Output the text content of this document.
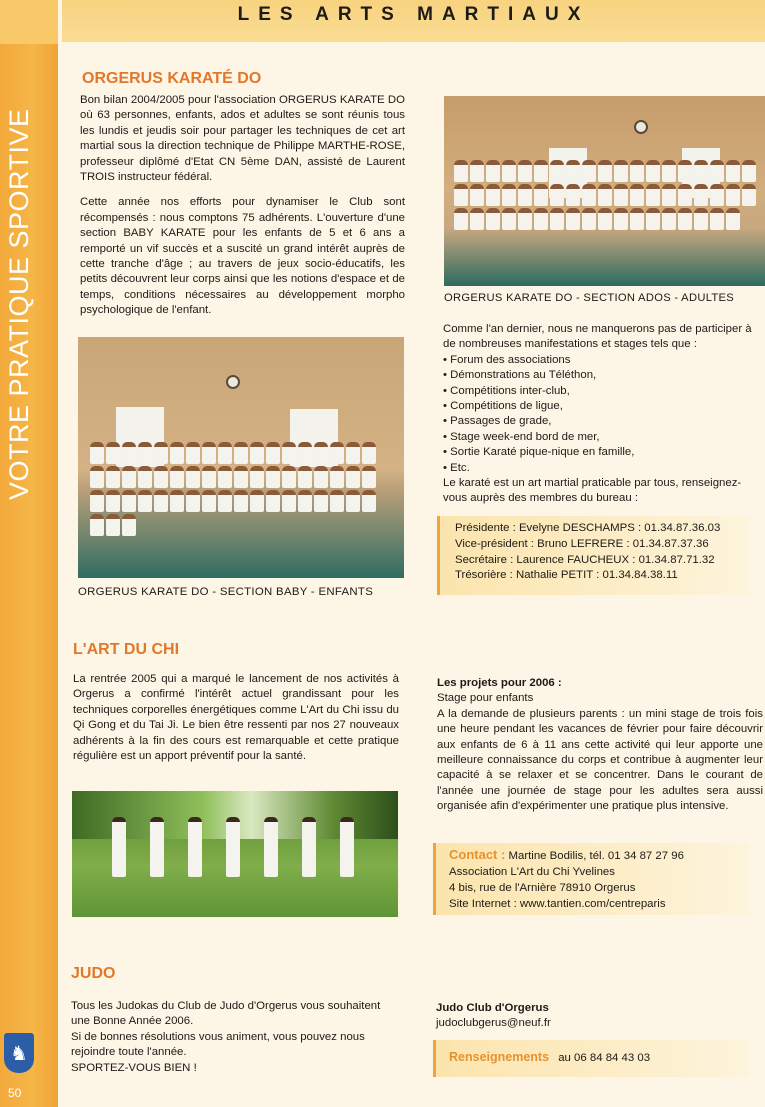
VOTRE PRATIQUE SPORTIVE
♞
50
LES ARTS MARTIAUX
ORGERUS KARATÉ DO

Bon bilan 2004/2005 pour l'association ORGERUS KARATE DO où 63 personnes, enfants, ados et adultes se sont réunis tous les lundis et jeudis soir pour partager les techniques de cet art martial sous la direction technique de Philippe MARTHE-ROSE, professeur diplômé d'Etat CN 5ème DAN, assisté de Laurent TROIS instructeur fédéral.

Cette année nos efforts pour dynamiser le Club sont récompensés : nous comptons 75 adhérents. L'ouverture d'une section BABY KARATE pour les enfants de 5 et 6 ans a remporté un vif succès et a suscité un grand intérêt auprès de cette tranche d'âge ; au travers de jeux socio-éducatifs, les petits découvrent leur corps ainsi que les notions d'espace et de temps, conditions nécessaires au développement morpho psychologique de l'enfant.

ORGERUS KARATE DO - SECTION BABY - ENFANTS
ORGERUS KARATE DO - SECTION ADOS - ADULTES
Comme l'an dernier, nous ne manquerons pas de participer à de nombreuses manifestations et stages tels que :
• Forum des associations
• Démonstrations au Téléthon,
• Compétitions inter-club,
• Compétitions de ligue,
• Passages de grade,
• Stage week-end bord de mer,
• Sortie Karaté pique-nique en famille,
• Etc.
Le karaté est un art martial praticable par tous, renseignez-vous auprès des membres du bureau :
Présidente : Evelyne DESCHAMPS : 01.34.87.36.03
Vice-président : Bruno LEFRERE : 01.34.87.37.36
Secrétaire : Laurence FAUCHEUX : 01.34.87.71.32
Trésorière : Nathalie PETIT : 01.34.84.38.11
L'ART DU CHI
La rentrée 2005 qui a marqué le lancement de nos activités à Orgerus a confirmé l'intérêt actuel grandissant pour les techniques corporelles énergétiques comme L'Art du Chi issu du Qi Gong et du Tai Ji. Le bien être ressenti par nos 27 nouveaux adhérents à la fin des cours est remarquable et cette pratique régulière est un apport préventif pour la santé.
Les projets pour 2006 :
Stage pour enfants
A la demande de plusieurs parents : un mini stage de trois fois une heure pendant les vacances de février pour faire découvrir aux enfants de 6 à 11 ans cette activité qui leur apporte une meilleure connaissance du corps et contribue à augmenter leur capacité à se relaxer et se concentrer. Dans le courant de l'année une journée de stage pour les adultes sera aussi organisée afin d'expérimenter une pratique plus intensive.
Contact : Martine Bodilis, tél. 01 34 87 27 96
Association L'Art du Chi Yvelines
4 bis, rue de l'Arnière 78910 Orgerus
Site Internet : www.tantien.com/centreparis
JUDO
Tous les Judokas du Club de Judo d'Orgerus vous souhaitent une Bonne Année 2006.
Si de bonnes résolutions vous animent, vous pouvez nous rejoindre toute l'année.
SPORTEZ-VOUS BIEN !
Judo Club d'Orgerus
judoclubgerus@neuf.fr
Renseignements au 06 84 84 43 03
